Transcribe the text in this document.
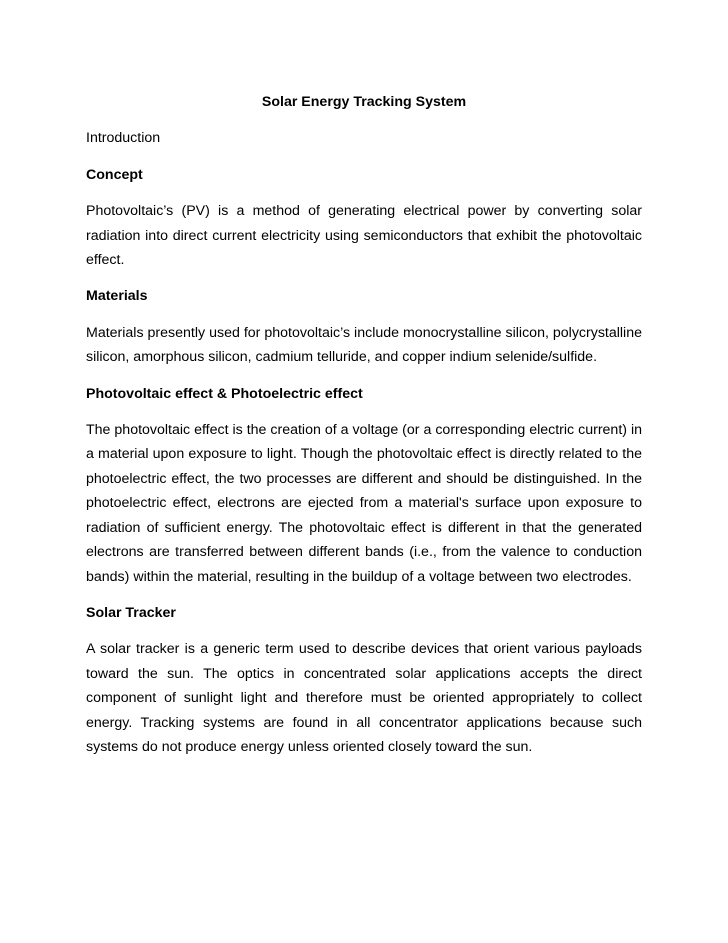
Solar Energy Tracking System

Introduction

Concept

Photovoltaic’s (PV) is a method of generating electrical power by converting solar radiation into direct current electricity using semiconductors that exhibit the photovoltaic effect.

Materials

Materials presently used for photovoltaic’s include monocrystalline silicon, polycrystalline silicon, amorphous silicon, cadmium telluride, and copper indium selenide/sulfide.

Photovoltaic effect & Photoelectric effect

The photovoltaic effect is the creation of a voltage (or a corresponding electric current) in a material upon exposure to light. Though the photovoltaic effect is directly related to the photoelectric effect, the two processes are different and should be distinguished. In the photoelectric effect, electrons are ejected from a material's surface upon exposure to radiation of sufficient energy. The photovoltaic effect is different in that the generated electrons are transferred between different bands (i.e., from the valence to conduction bands) within the material, resulting in the buildup of a voltage between two electrodes.

Solar Tracker

A solar tracker is a generic term used to describe devices that orient various payloads toward the sun. The optics in concentrated solar applications accepts the direct component of sunlight light and therefore must be oriented appropriately to collect energy. Tracking systems are found in all concentrator applications because such systems do not produce energy unless oriented closely toward the sun.
